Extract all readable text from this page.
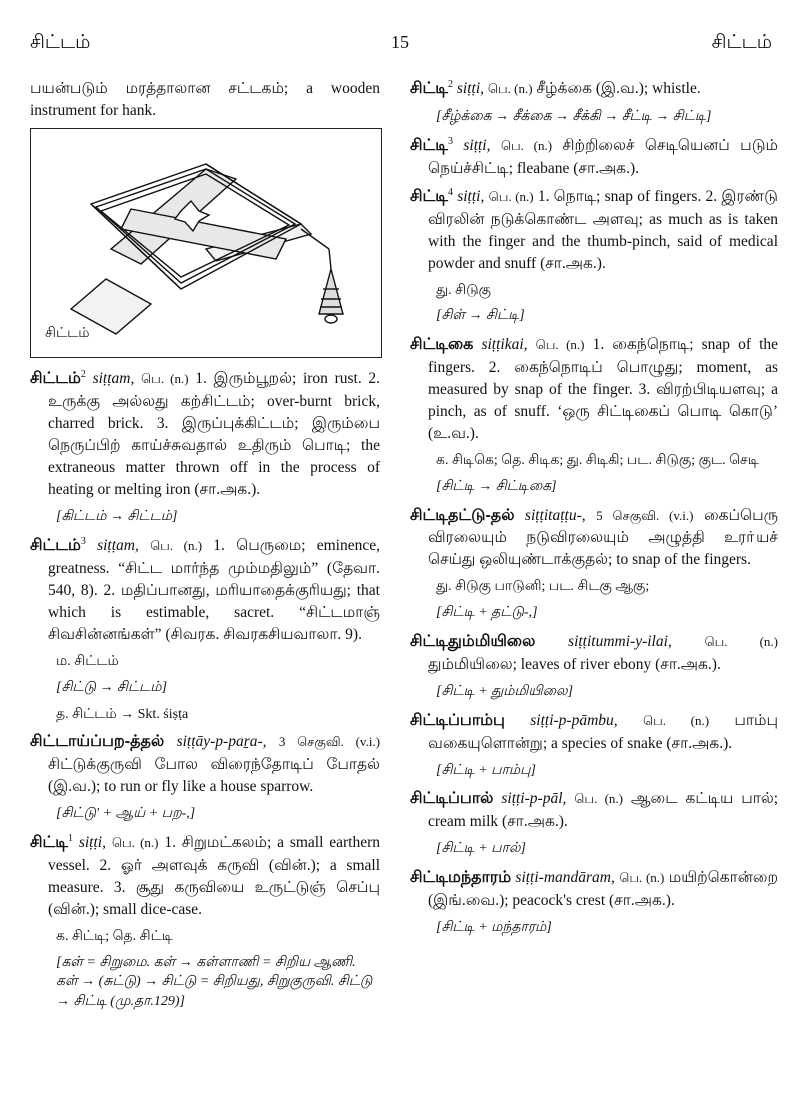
சிட்டம்	15	சிட்டம்
பயன்படும் மரத்தாலான சட்டகம்; a wooden instrument for hank.
சிட்டம்
சிட்டம்$^2$ siṭṭam, பெ. (n.) 1. இரும்பூறல்; iron rust. 2. உருக்கு அல்லது கற்சிட்டம்; over-burnt brick, charred brick. 3. இருப்புக்கிட்டம்; இரும்பை நெருப்பிற் காய்ச்சுவதால் உதிரும் பொடி; the extraneous matter thrown off in the process of heating or melting iron (சா.அக.).
[கிட்டம் → சிட்டம்]
சிட்டம்$^3$ siṭṭam, பெ. (n.) 1. பெருமை; eminence, greatness. “சிட்ட மார்ந்த மும்மதிலும்” (தேவா. 540, 8). 2. மதிப்பானது, மரியாதைக்குரியது; that which is estimable, sacret. “சிட்டமாஞ் சிவசின்னங்கள்” (சிவரக. சிவரகசியவாலா. 9).
ம. சிட்டம்
[சிட்டு → சிட்டம்]
த. சிட்டம் → Skt. śiṣṭa
சிட்டாய்ப்பற-த்தல் siṭṭāy-p-paṟa-, 3 செகுவி. (v.i.) சிட்டுக்குருவி போல விரைந்தோடிப் போதல் (இ.வ.); to run or fly like a house sparrow.
[சிட்டு' + ஆய் + பற-,]
சிட்டி$^1$ siṭṭi, பெ. (n.) 1. சிறுமட்கலம்; a small earthern vessel. 2. ஓர் அளவுக் கருவி (வின்.); a small measure. 3. சூது கருவியை உருட்டுஞ் செப்பு (வின்.); small dice-case.
க. சிட்டி; தெ. சிட்டி
[கள் = சிறுமை. கள் → கள்ளாணி = சிறிய ஆணி. கள் → (சுட்டு) → சிட்டு = சிறியது, சிறுகுருவி. சிட்டு → சிட்டி (மு.தா.129)]
சிட்டி$^2$ siṭṭi, பெ. (n.) சீழ்க்கை (இ.வ.); whistle.
[சீழ்க்கை → சீக்கை → சீக்கி → சீட்டி → சிட்டி]
சிட்டி$^3$ siṭṭi, பெ. (n.) சிற்றிலைச் செடியெனப் படும் நெய்ச்சிட்டி; fleabane (சா.அக.).
சிட்டி$^4$ siṭṭi, பெ. (n.) 1. நொடி; snap of fingers. 2. இரண்டு விரலின் நடுக்கொண்ட அளவு; as much as is taken with the finger and the thumb-pinch, said of medical powder and snuff (சா.அக.).
து. சிடுகு
[சிள் → சிட்டி]
சிட்டிகை siṭṭikai, பெ. (n.) 1. கைந்நொடி; snap of the fingers. 2. கைந்நொடிப் பொழுது; moment, as measured by snap of the finger. 3. விரற்பிடியளவு; a pinch, as of snuff. ‘ஒரு சிட்டிகைப் பொடி கொடு’ (உ.வ.).
க. சிடிகெ; தெ. சிடிக; து. சிடிகி; பட. சிடுகு; குட. செடி
[சிட்டி → சிட்டிகை]
சிட்டிதட்டு-தல் siṭṭitaṭṭu-, 5 செகுவி. (v.i.) கைப்பெரு விரலையும் நடுவிரலையும் அழுத்தி உரா்யச் செய்து ஒலியுண்டாக்குதல்; to snap of the fingers.
து. சிடுகு பாடுனி; பட. சிடகு ஆகு;
[சிட்டி + தட்டு-,]
சிட்டிதும்மியிலை siṭṭitummi-y-ilai,	பெ. (n.) தும்மியிலை; leaves of river ebony (சா.அக.).
[சிட்டி + தும்மியிலை]
சிட்டிப்பாம்பு siṭṭi-p-pāmbu, பெ. (n.) பாம்பு வகையுளொன்று; a species of snake (சா.அக.).
[சிட்டி + பாம்பு]
சிட்டிப்பால் siṭṭi-p-pāl, பெ. (n.) ஆடை கட்டிய பால்; cream milk (சா.அக.).
[சிட்டி + பால்]
சிட்டிமந்தாரம் siṭṭi-mandāram, பெ. (n.) மயிற்கொன்றை (இங்.வை.); peacock's crest (சா.அக.).
[சிட்டி + மந்தாரம்]
